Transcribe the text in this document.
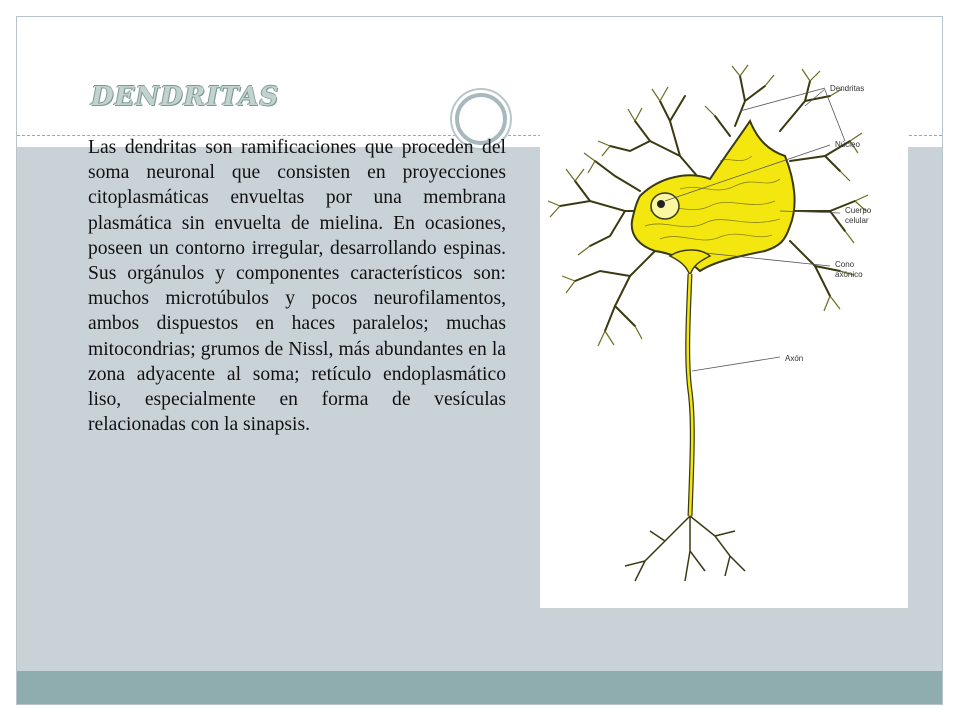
DENDRITAS
Las dendritas son ramificaciones que proceden del soma neuronal que consisten en proyecciones citoplasmáticas envueltas por una membrana plasmática sin envuelta de mielina. En ocasiones, poseen un contorno irregular, desarrollando espinas. Sus orgánulos y componentes característicos son: muchos microtúbulos y pocos neurofilamentos, ambos dispuestos en haces paralelos; muchas mitocondrias; grumos de Nissl, más abundantes en la zona adyacente al soma; retículo endoplasmático liso, especialmente en forma de vesículas relacionadas con la sinapsis.
Dendritas
Núcleo
Cuerpo
celular
Cono
axónico
Axón
